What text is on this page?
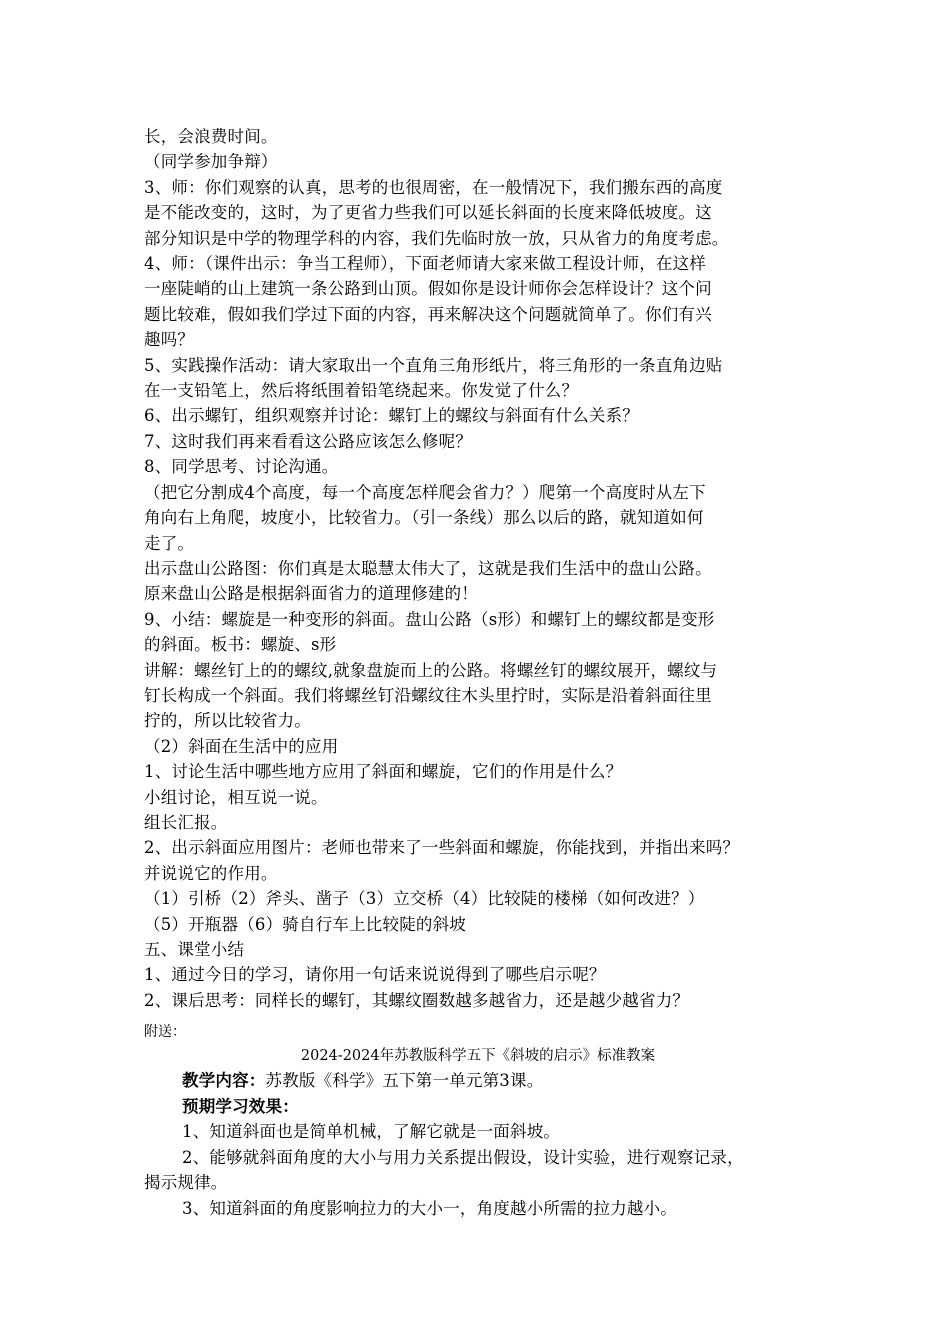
长，会浪费时间。

（同学参加争辩）

3、师：你们观察的认真，思考的也很周密，在一般情况下，我们搬东西的高度

是不能改变的，这时，为了更省力些我们可以延长斜面的长度来降低坡度。这

部分知识是中学的物理学科的内容，我们先临时放一放，只从省力的角度考虑。

4、师：（课件出示：争当工程师），下面老师请大家来做工程设计师，在这样

一座陡峭的山上建筑一条公路到山顶。假如你是设计师你会怎样设计？这个问

题比较难，假如我们学过下面的内容，再来解决这个问题就简单了。你们有兴

趣吗？

5、实践操作活动：请大家取出一个直角三角形纸片，将三角形的一条直角边贴

在一支铅笔上，然后将纸围着铅笔绕起来。你发觉了什么？

6、出示螺钉，组织观察并讨论：螺钉上的螺纹与斜面有什么关系？

7、这时我们再来看看这公路应该怎么修呢？

8、同学思考、讨论沟通。

（把它分割成4个高度，每一个高度怎样爬会省力？）爬第一个高度时从左下

角向右上角爬，坡度小，比较省力。（引一条线）那么以后的路，就知道如何

走了。

出示盘山公路图：你们真是太聪慧太伟大了，这就是我们生活中的盘山公路。

原来盘山公路是根据斜面省力的道理修建的！

9、小结：螺旋是一种变形的斜面。盘山公路（s形）和螺钉上的螺纹都是变形

的斜面。板书：螺旋、s形

讲解：螺丝钉上的的螺纹,就象盘旋而上的公路。将螺丝钉的螺纹展开，螺纹与

钉长构成一个斜面。我们将螺丝钉沿螺纹往木头里拧时，实际是沿着斜面往里

拧的，所以比较省力。

（2）斜面在生活中的应用

1、讨论生活中哪些地方应用了斜面和螺旋，它们的作用是什么？

小组讨论，相互说一说。

组长汇报。

2、出示斜面应用图片：老师也带来了一些斜面和螺旋，你能找到，并指出来吗？

并说说它的作用。

（1）引桥（2）斧头、凿子（3）立交桥（4）比较陡的楼梯（如何改进？）

（5）开瓶器（6）骑自行车上比较陡的斜坡

五、课堂小结

1、通过今日的学习，请你用一句话来说说得到了哪些启示呢？

2、课后思考：同样长的螺钉，其螺纹圈数越多越省力，还是越少越省力？

附送：
2024-2024年苏教版科学五下《斜坡的启示》标准教案

教学内容：苏教版《科学》五下第一单元第3课。

预期学习效果：

1、知道斜面也是简单机械，了解它就是一面斜坡。

2、能够就斜面角度的大小与用力关系提出假设，设计实验，进行观察记录，

揭示规律。

3、知道斜面的角度影响拉力的大小一，角度越小所需的拉力越小。
